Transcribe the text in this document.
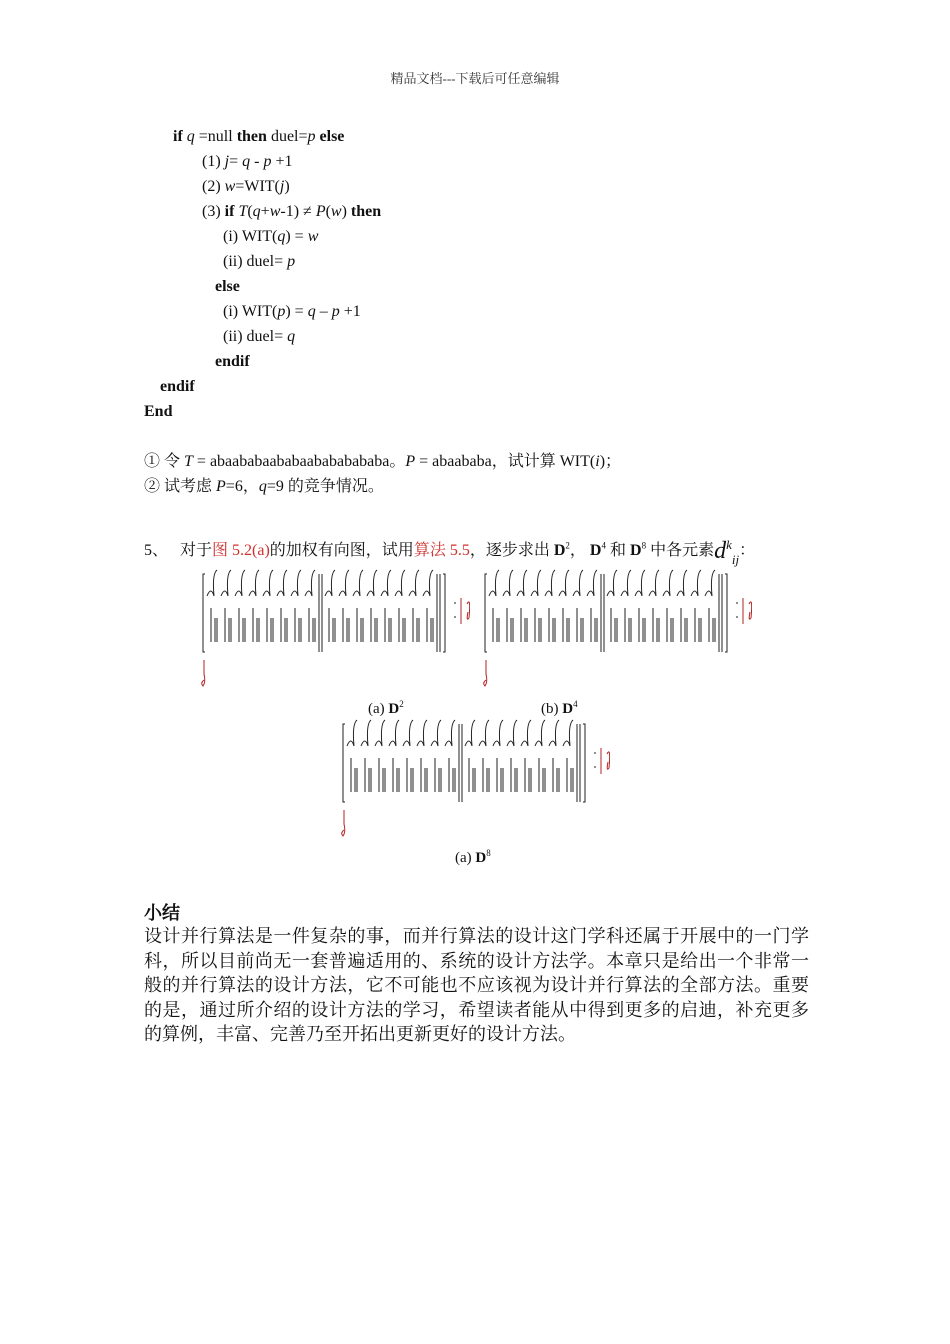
精品文档---下载后可任意编辑
if q =null then duel=p else
(1) j= q - p +1
(2) w=WIT(j)
(3) if T(q+w-1) ≠ P(w) then
(i) WIT(q) = w
(ii) duel= p
else
(i) WIT(p) = q – p +1
(ii) duel= q
endif
endif
End
① 令 T = abaababaababaabababababa。P = abaababa，试计算 WIT(i)；
② 试考虑 P=6，q=9 的竞争情况。
5、 对于图 5.2(a)的加权有向图，试用算法 5.5，逐步求出 $D^2$， $D^4$ 和 $D^8$ 中各元素$d^k_{ij}$：
(a) $D^2$	(b) $D^4$
(a) $D^8$
小结
设计并行算法是一件复杂的事，而并行算法的设计这门学科还属于开展中的一门学科，所以目前尚无一套普遍适用的、系统的设计方法学。本章只是给出一个非常一般的并行算法的设计方法，它不可能也不应该视为设计并行算法的全部方法。重要的是，通过所介绍的设计方法的学习，希望读者能从中得到更多的启迪，补充更多的算例，丰富、完善乃至开拓出更新更好的设计方法。
